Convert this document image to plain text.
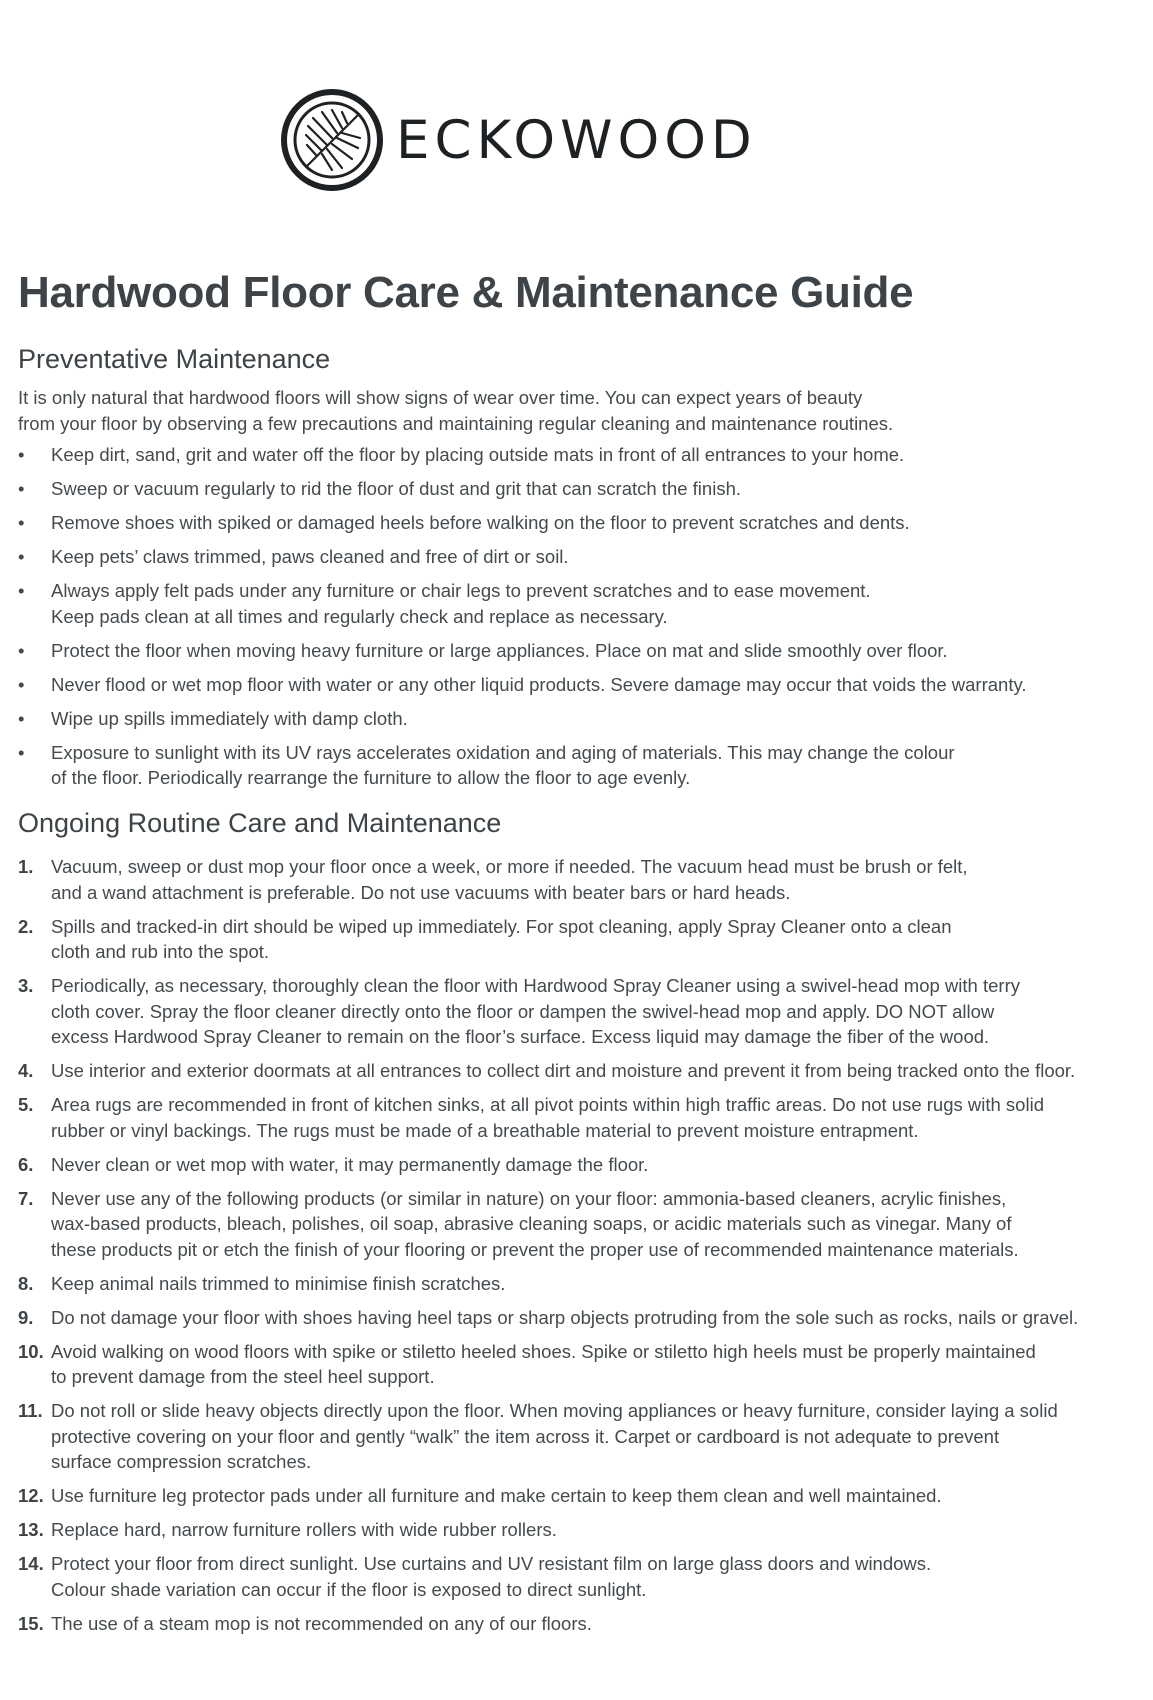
ECKOWOOD
Hardwood Floor Care & Maintenance Guide
Preventative Maintenance

It is only natural that hardwood floors will show signs of wear over time. You can expect years of beauty

from your floor by observing a few precautions and maintaining regular cleaning and maintenance routines.

• Keep dirt, sand, grit and water off the floor by placing outside mats in front of all entrances to your home.
• Sweep or vacuum regularly to rid the floor of dust and grit that can scratch the finish.
• Remove shoes with spiked or damaged heels before walking on the floor to prevent scratches and dents.
• Keep pets’ claws trimmed, paws cleaned and free of dirt or soil.
• Always apply felt pads under any furniture or chair legs to prevent scratches and to ease movement.
Keep pads clean at all times and regularly check and replace as necessary.
• Protect the floor when moving heavy furniture or large appliances. Place on mat and slide smoothly over floor.
• Never flood or wet mop floor with water or any other liquid products. Severe damage may occur that voids the warranty.
• Wipe up spills immediately with damp cloth.
• Exposure to sunlight with its UV rays accelerates oxidation and aging of materials. This may change the colour
of the floor. Periodically rearrange the furniture to allow the floor to age evenly.
Ongoing Routine Care and Maintenance
1. Vacuum, sweep or dust mop your floor once a week, or more if needed. The vacuum head must be brush or felt,
and a wand attachment is preferable. Do not use vacuums with beater bars or hard heads.
2. Spills and tracked-in dirt should be wiped up immediately. For spot cleaning, apply Spray Cleaner onto a clean
cloth and rub into the spot.
3. Periodically, as necessary, thoroughly clean the floor with Hardwood Spray Cleaner using a swivel-head mop with terry
cloth cover. Spray the floor cleaner directly onto the floor or dampen the swivel-head mop and apply. DO NOT allow
excess Hardwood Spray Cleaner to remain on the floor’s surface. Excess liquid may damage the fiber of the wood.
4. Use interior and exterior doormats at all entrances to collect dirt and moisture and prevent it from being tracked onto the floor.
5. Area rugs are recommended in front of kitchen sinks, at all pivot points within high traffic areas. Do not use rugs with solid
rubber or vinyl backings. The rugs must be made of a breathable material to prevent moisture entrapment.
6. Never clean or wet mop with water, it may permanently damage the floor.
7. Never use any of the following products (or similar in nature) on your floor: ammonia-based cleaners, acrylic finishes,
wax-based products, bleach, polishes, oil soap, abrasive cleaning soaps, or acidic materials such as vinegar. Many of
these products pit or etch the finish of your flooring or prevent the proper use of recommended maintenance materials.
8. Keep animal nails trimmed to minimise finish scratches.
9. Do not damage your floor with shoes having heel taps or sharp objects protruding from the sole such as rocks, nails or gravel.
10. Avoid walking on wood floors with spike or stiletto heeled shoes. Spike or stiletto high heels must be properly maintained
to prevent damage from the steel heel support.
11. Do not roll or slide heavy objects directly upon the floor. When moving appliances or heavy furniture, consider laying a solid
protective covering on your floor and gently “walk” the item across it. Carpet or cardboard is not adequate to prevent
surface compression scratches.
12. Use furniture leg protector pads under all furniture and make certain to keep them clean and well maintained.
13. Replace hard, narrow furniture rollers with wide rubber rollers.
14. Protect your floor from direct sunlight. Use curtains and UV resistant film on large glass doors and windows.
Colour shade variation can occur if the floor is exposed to direct sunlight.
15. The use of a steam mop is not recommended on any of our floors.
